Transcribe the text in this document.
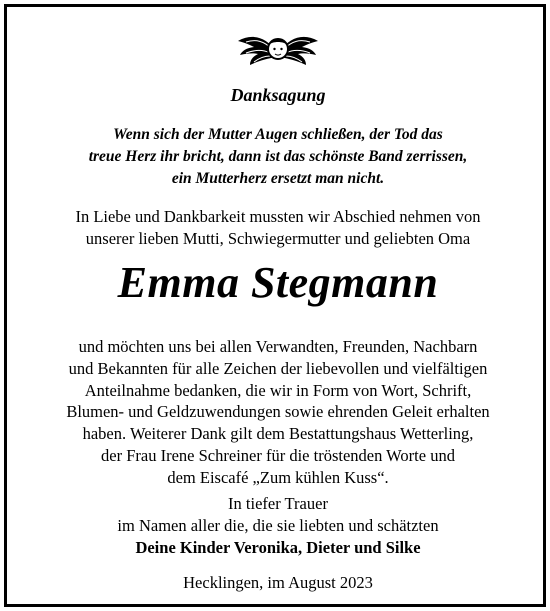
Danksagung
Wenn sich der Mutter Augen schließen, der Tod das
treue Herz ihr bricht, dann ist das schönste Band zerrissen,
ein Mutterherz ersetzt man nicht.
In Liebe und Dankbarkeit mussten wir Abschied nehmen von
unserer lieben Mutti, Schwiegermutter und geliebten Oma
Emma Stegmann
und möchten uns bei allen Verwandten, Freunden, Nachbarn
und Bekannten für alle Zeichen der liebevollen und vielfältigen
Anteilnahme bedanken, die wir in Form von Wort, Schrift,
Blumen- und Geldzuwendungen sowie ehrenden Geleit erhalten
haben. Weiterer Dank gilt dem Bestattungshaus Wetterling,
der Frau Irene Schreiner für die tröstenden Worte und
dem Eiscafé „Zum kühlen Kuss“.
In tiefer Trauer
im Namen aller die, die sie liebten und schätzten
Deine Kinder Veronika, Dieter und Silke
Hecklingen, im August 2023
